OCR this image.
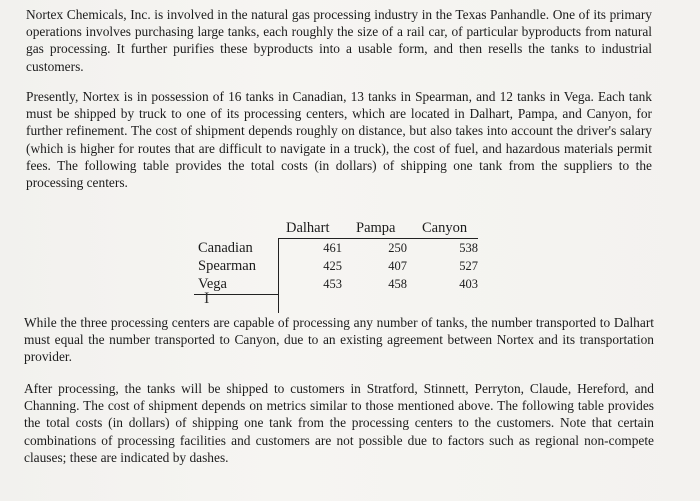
Nortex Chemicals, Inc. is involved in the natural gas processing industry in the Texas Panhandle. One of its primary operations involves purchasing large tanks, each roughly the size of a rail car, of particular byproducts from natural gas processing. It further purifies these byproducts into a usable form, and then resells the tanks to industrial customers.

Presently, Nortex is in possession of 16 tanks in Canadian, 13 tanks in Spearman, and 12 tanks in Vega. Each tank must be shipped by truck to one of its processing centers, which are located in Dalhart, Pampa, and Canyon, for further refinement. The cost of shipment depends roughly on distance, but also takes into account the driver's salary (which is higher for routes that are difficult to navigate in a truck), the cost of fuel, and hazardous materials permit fees. The following table provides the total costs (in dollars) of shipping one tank from the suppliers to the processing centers.

Dalhart Pampa Canyon
Canadian	461	250	538
Spearman	425	407	527
Vega	453	458	403
I

While the three processing centers are capable of processing any number of tanks, the number transported to Dalhart must equal the number transported to Canyon, due to an existing agreement between Nortex and its transportation provider.

After processing, the tanks will be shipped to customers in Stratford, Stinnett, Perryton, Claude, Hereford, and Channing. The cost of shipment depends on metrics similar to those mentioned above. The following table provides the total costs (in dollars) of shipping one tank from the processing centers to the customers. Note that certain combinations of processing facilities and customers are not possible due to factors such as regional non-compete clauses; these are indicated by dashes.
